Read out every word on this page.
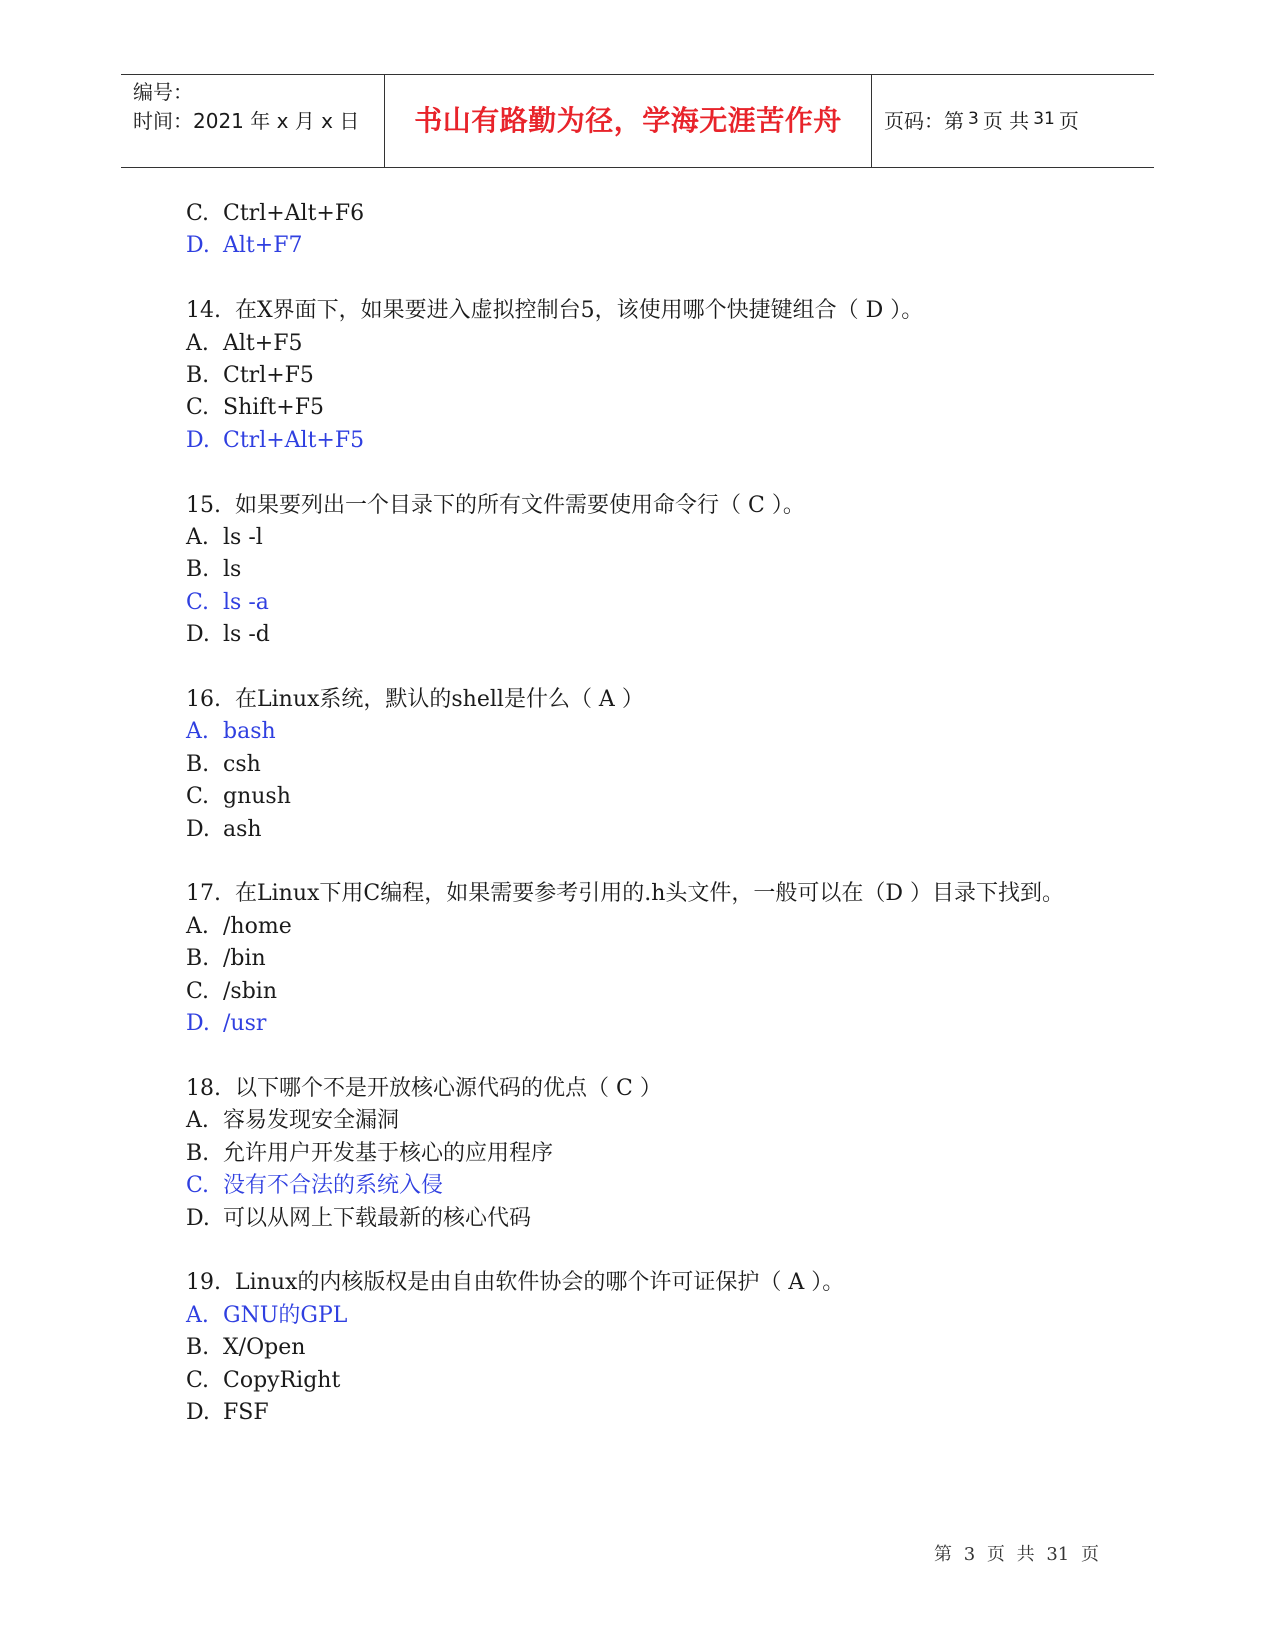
编号：
时间：2021 年 x 月 x 日	书山有路勤为径，学海无涯苦作舟 页码：第 3 页 共 31 页
C. Ctrl+Alt+F6
D. Alt+F7
14. 在X界面下，如果要进入虚拟控制台5，该使用哪个快捷键组合（ D ）。
A. Alt+F5
B. Ctrl+F5
C. Shift+F5
D. Ctrl+Alt+F5
15. 如果要列出一个目录下的所有文件需要使用命令行（ C ）。
A. ls -l
B. ls
C. ls -a
D. ls -d
16. 在Linux系统，默认的shell是什么（ A ）
A. bash
B. csh
C. gnush
D. ash
17. 在Linux下用C编程，如果需要参考引用的.h头文件，一般可以在（D ）目录下找到。
A. /home
B. /bin
C. /sbin
D. /usr
18. 以下哪个不是开放核心源代码的优点（ C ）
A. 容易发现安全漏洞
B. 允许用户开发基于核心的应用程序
C. 没有不合法的系统入侵
D. 可以从网上下载最新的核心代码
19. Linux的内核版权是由自由软件协会的哪个许可证保护（ A ）。
A. GNU的GPL
B. X/Open
C. CopyRight
D. FSF
第 3 页 共 31 页
